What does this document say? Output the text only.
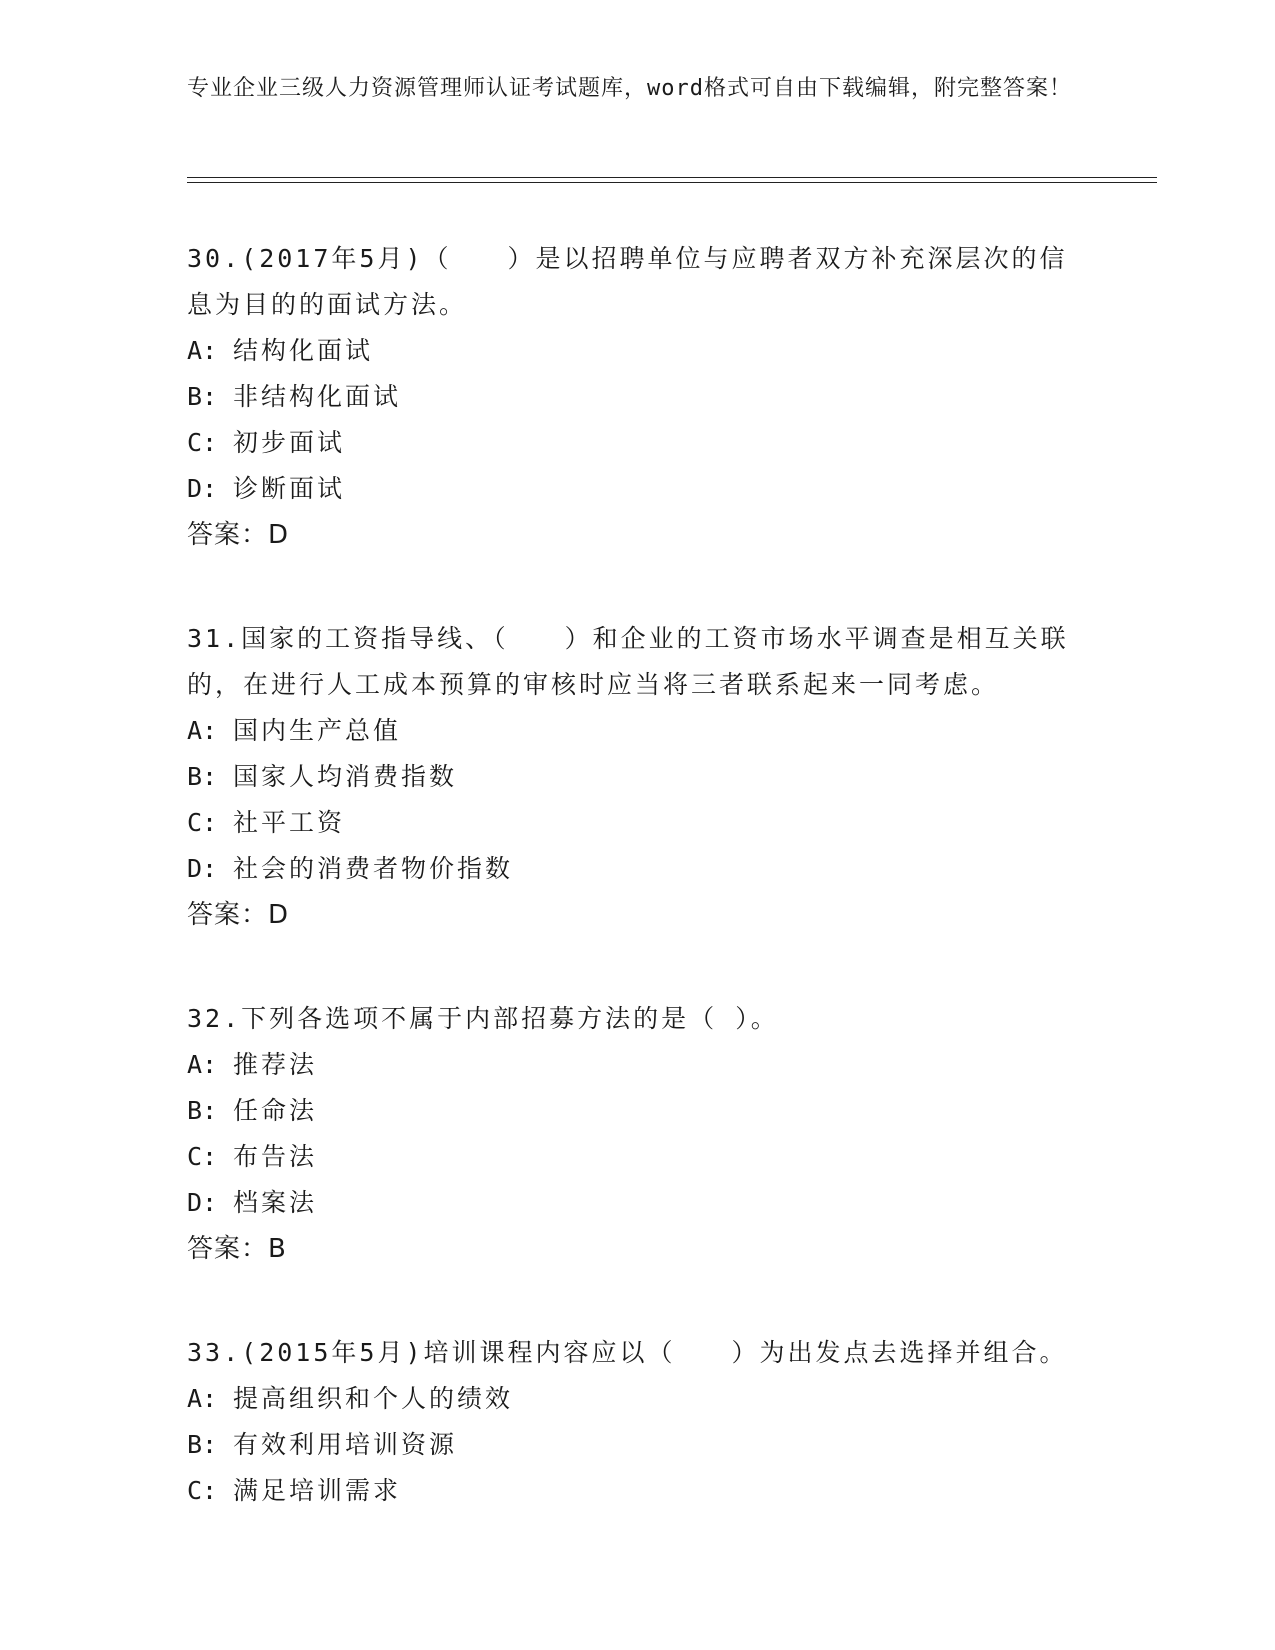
专业企业三级人力资源管理师认证考试题库，word格式可自由下载编辑，附完整答案！

30.(2017年5月)（　　）是以招聘单位与应聘者双方补充深层次的信息为目的的面试方法。

A: 结构化面试

B: 非结构化面试

C: 初步面试

D: 诊断面试

答案：D

31.国家的工资指导线、（　　）和企业的工资市场水平调查是相互关联的，在进行人工成本预算的审核时应当将三者联系起来一同考虑。

A: 国内生产总值

B: 国家人均消费指数

C: 社平工资

D: 社会的消费者物价指数

答案：D

32.下列各选项不属于内部招募方法的是（ ）。

A: 推荐法

B: 任命法

C: 布告法

D: 档案法

答案：B

33.(2015年5月)培训课程内容应以（　　）为出发点去选择并组合。

A: 提高组织和个人的绩效

B: 有效利用培训资源

C: 满足培训需求
